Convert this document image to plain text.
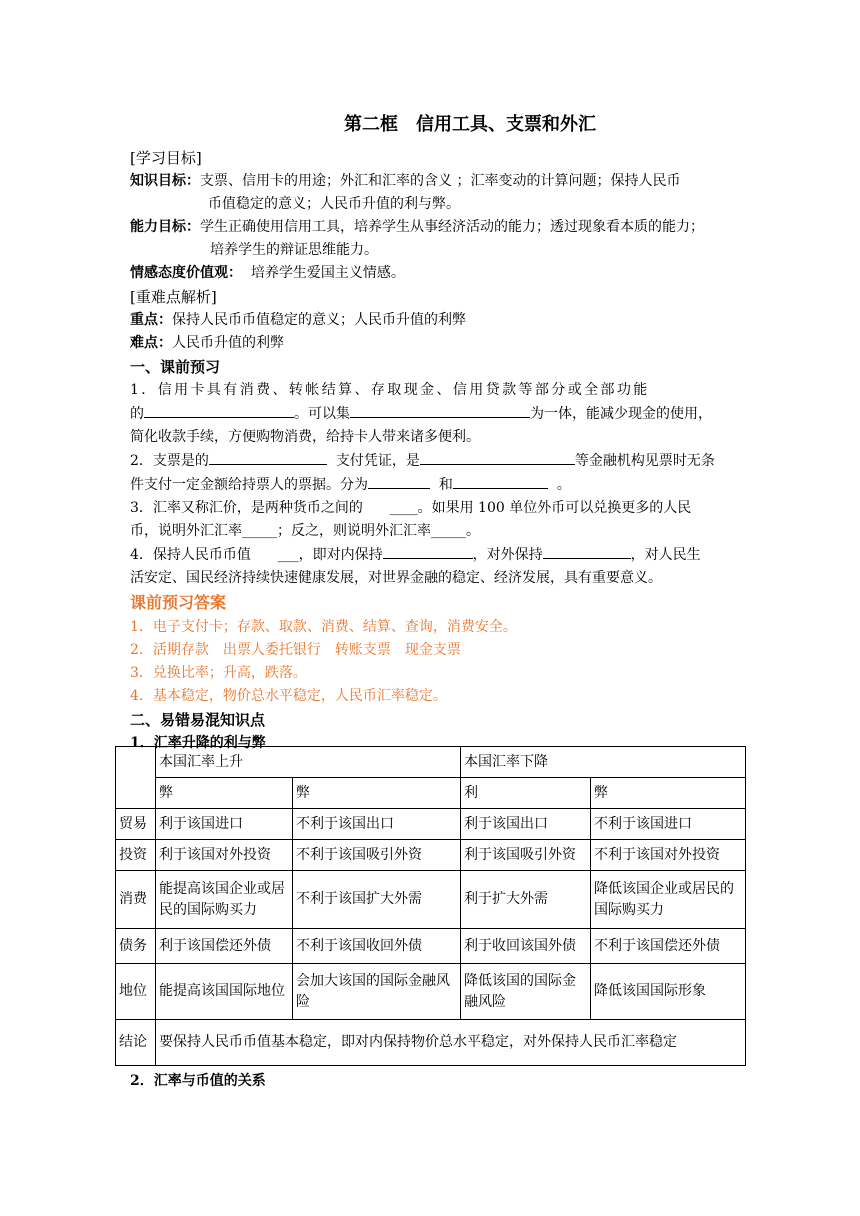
第二框　信用工具、支票和外汇
[学习目标]
知识目标：支票、信用卡的用途；外汇和汇率的含义 ；汇率变动的计算问题；保持人民币
币值稳定的意义；人民币升值的利与弊。
能力目标：学生正确使用信用工具，培养学生从事经济活动的能力；透过现象看本质的能力；
培养学生的辩证思维能力。
情感态度价值观： 培养学生爱国主义情感。
[重难点解析]
重点：保持人民币币值稳定的意义；人民币升值的利弊
难点：人民币升值的利弊
一、课前预习
1．信用卡具有消费、转帐结算、存取现金、信用贷款等部分或全部功能
的	。可以集	为一体，能减少现金的使用，
简化收款手续，方便购物消费，给持卡人带来诸多便利。
2．支票是的	支付凭证，是	等金融机构见票时无条
件支付一定金额给持票人的票据。分为	和	。
3．汇率又称汇价，是两种货币之间的 ____。如果用 100 单位外币可以兑换更多的人民
币，说明外汇汇率_____；反之，则说明外汇汇率_____。
4．保持人民币币值 ___，即对内保持	，对外保持	，对人民生
活安定、国民经济持续快速健康发展，对世界金融的稳定、经济发展，具有重要意义。
课前预习答案
1．电子支付卡；存款、取款、消费、结算、查询，消费安全。
2．活期存款　出票人委托银行　转账支票　现金支票
3．兑换比率；升高，跌落。
4．基本稳定，物价总水平稳定，人民币汇率稳定。
二、易错易混知识点
1．汇率升降的利与弊
	本国汇率上升		本国汇率下降	
	弊	弊	利	弊
贸易	利于该国进口	不利于该国出口	利于该国出口	不利于该国进口
投资	利于该国对外投资	不利于该国吸引外资	利于该国吸引外资	不利于该国对外投资
消费	能提高该国企业或居民的国际购买力	不利于该国扩大外需	利于扩大外需	降低该国企业或居民的国际购买力
债务	利于该国偿还外债	不利于该国收回外债	利于收回该国外债	不利于该国偿还外债
地位	能提高该国国际地位	会加大该国的国际金融风险	降低该国的国际金融风险	降低该国国际形象
结论	要保持人民币币值基本稳定，即对内保持物价总水平稳定，对外保持人民币汇率稳定			
2．汇率与币值的关系
